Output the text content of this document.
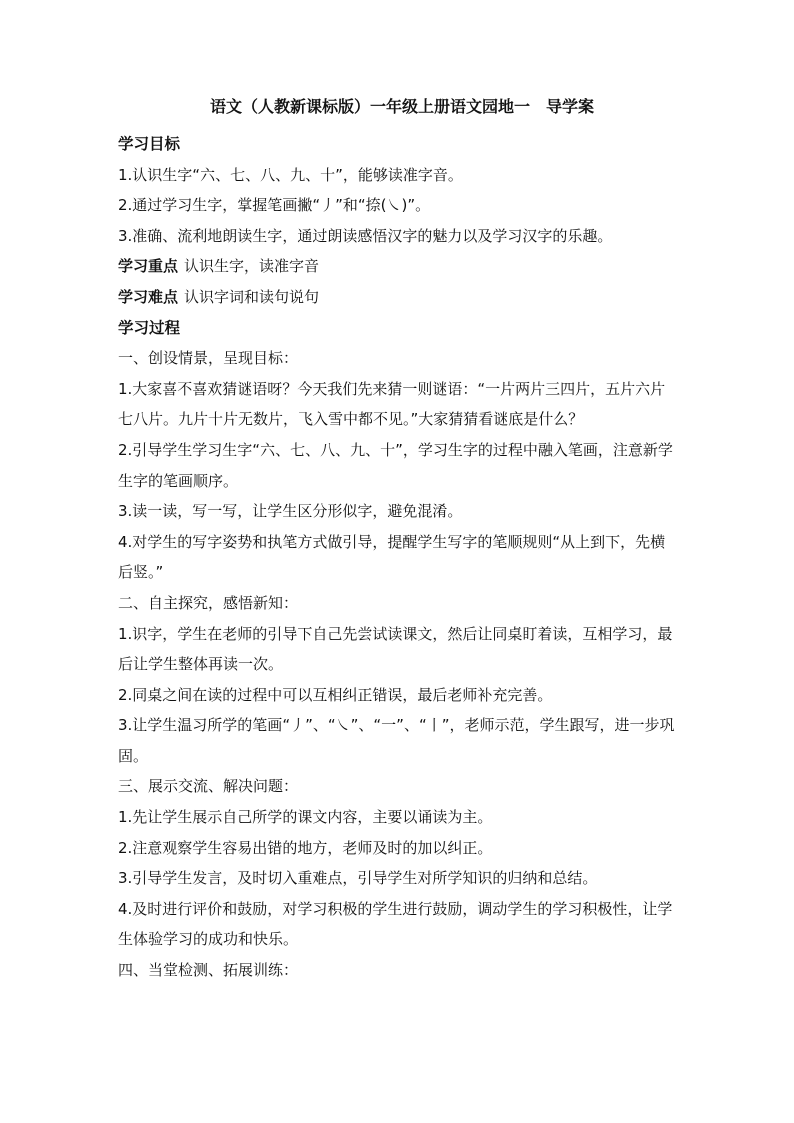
语文（人教新课标版）一年级上册语文园地一　导学案

学习目标

1.认识生字“六、七、八、九、十”，能够读准字音。

2.通过学习生字，掌握笔画撇“丿”和“捺(㇏)”。

3.准确、流利地朗读生字，通过朗读感悟汉字的魅力以及学习汉字的乐趣。

学习重点 认识生字，读准字音

学习难点 认识字词和读句说句

学习过程

一、创设情景，呈现目标：

1.大家喜不喜欢猜谜语呀？今天我们先来猜一则谜语：“一片两片三四片，五片六片七八片。九片十片无数片，飞入雪中都不见。”大家猜猜看谜底是什么？

2.引导学生学习生字“六、七、八、九、十”，学习生字的过程中融入笔画，注意新学生字的笔画顺序。

3.读一读，写一写，让学生区分形似字，避免混淆。

4.对学生的写字姿势和执笔方式做引导，提醒学生写字的笔顺规则“从上到下，先横后竖。”

二、自主探究，感悟新知：

1.识字，学生在老师的引导下自己先尝试读课文，然后让同桌盯着读，互相学习，最后让学生整体再读一次。

2.同桌之间在读的过程中可以互相纠正错误，最后老师补充完善。

3.让学生温习所学的笔画“丿”、“㇏”、“一”、“丨”，老师示范，学生跟写，进一步巩固。

三、展示交流、解决问题：

1.先让学生展示自己所学的课文内容，主要以诵读为主。

2.注意观察学生容易出错的地方，老师及时的加以纠正。

3.引导学生发言，及时切入重难点，引导学生对所学知识的归纳和总结。

4.及时进行评价和鼓励，对学习积极的学生进行鼓励，调动学生的学习积极性，让学生体验学习的成功和快乐。

四、当堂检测、拓展训练：
